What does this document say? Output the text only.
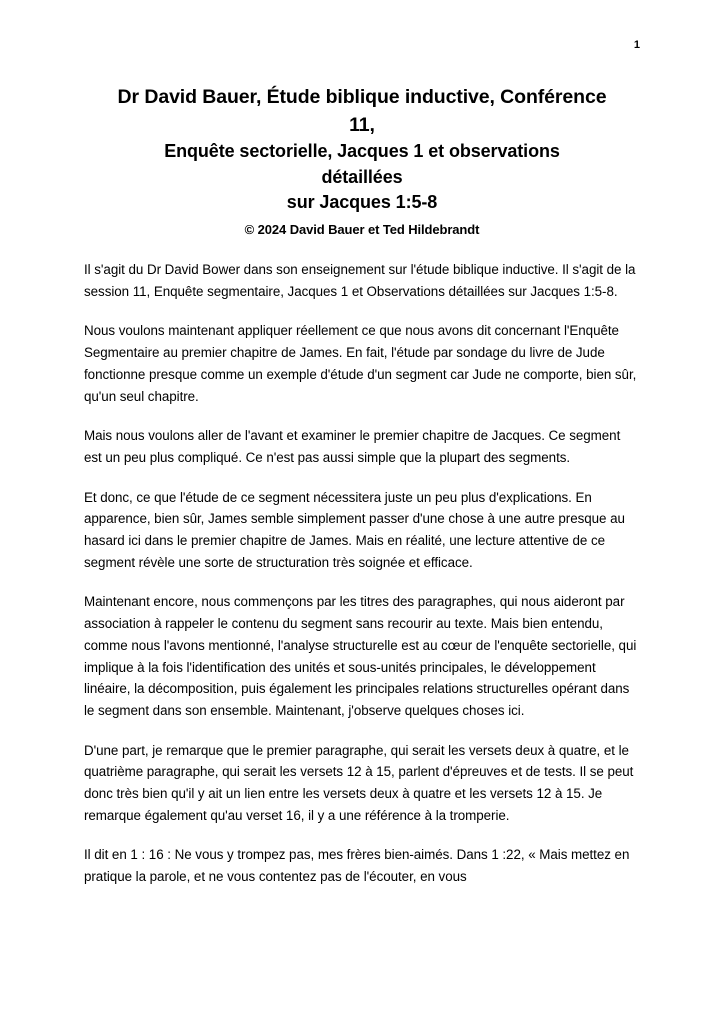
1
Dr David Bauer, Étude biblique inductive, Conférence
11,
Enquête sectorielle, Jacques 1 et observations
détaillées
sur Jacques 1:5-8
© 2024 David Bauer et Ted Hildebrandt

Il s'agit du Dr David Bower dans son enseignement sur l'étude biblique inductive. Il s'agit de la session 11, Enquête segmentaire, Jacques 1 et Observations détaillées sur Jacques 1:5-8.

Nous voulons maintenant appliquer réellement ce que nous avons dit concernant l'Enquête Segmentaire au premier chapitre de James. En fait, l'étude par sondage du livre de Jude fonctionne presque comme un exemple d'étude d'un segment car Jude ne comporte, bien sûr, qu'un seul chapitre.

Mais nous voulons aller de l'avant et examiner le premier chapitre de Jacques. Ce segment est un peu plus compliqué. Ce n'est pas aussi simple que la plupart des segments.

Et donc, ce que l'étude de ce segment nécessitera juste un peu plus d'explications. En apparence, bien sûr, James semble simplement passer d'une chose à une autre presque au hasard ici dans le premier chapitre de James. Mais en réalité, une lecture attentive de ce segment révèle une sorte de structuration très soignée et efficace.

Maintenant encore, nous commençons par les titres des paragraphes, qui nous aideront par association à rappeler le contenu du segment sans recourir au texte. Mais bien entendu, comme nous l'avons mentionné, l'analyse structurelle est au cœur de l'enquête sectorielle, qui implique à la fois l'identification des unités et sous-unités principales, le développement linéaire, la décomposition, puis également les principales relations structurelles opérant dans le segment dans son ensemble. Maintenant, j'observe quelques choses ici.

D'une part, je remarque que le premier paragraphe, qui serait les versets deux à quatre, et le quatrième paragraphe, qui serait les versets 12 à 15, parlent d'épreuves et de tests. Il se peut donc très bien qu'il y ait un lien entre les versets deux à quatre et les versets 12 à 15. Je remarque également qu'au verset 16, il y a une référence à la tromperie.

Il dit en 1 : 16 : Ne vous y trompez pas, mes frères bien-aimés. Dans 1 :22, « Mais mettez en pratique la parole, et ne vous contentez pas de l'écouter, en vous
